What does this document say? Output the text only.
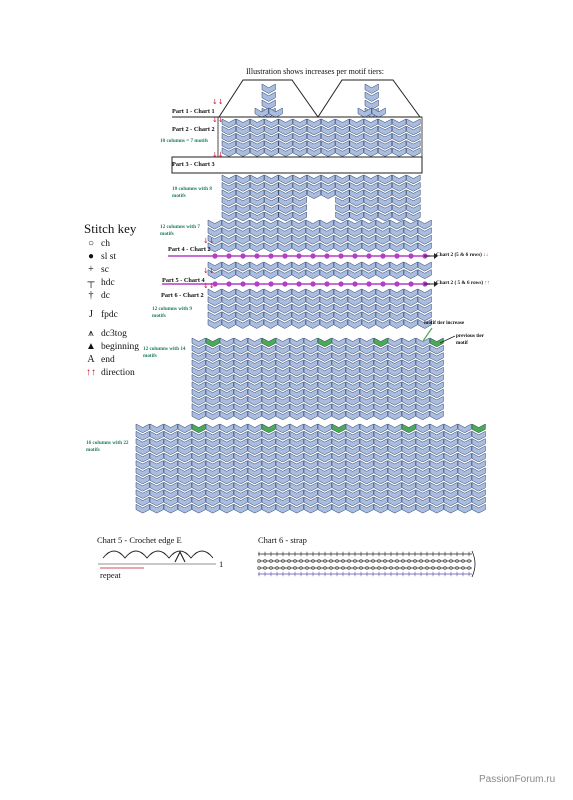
↓↓
↓↓
↓↓
↓↓
↓↓
↓↓
Illustration shows increases per motif tiers:
Part 1 - Chart 1
Part 2 - Chart 2
Part 3 - Chart 3
Part 4 - Chart 2
Part 5 - Chart 4
Part 6 - Chart 2
10 columns = 7 motifs
10 columns with 8 motifs
12 columns with 7 motifs
12 columns with 9 motifs
12 columns with 14 motifs
16 columns with 22 motifs
Chart 2 (5 & 6 rows) ↓↓
Chart 2 ( 5 & 6 rows) ↑↑
motif tier increase
previous tier motif
Stitch key
○ ch
● sl st
+ sc
┬ hdc
† dc
J fpdc
⩚ dc3tog
▲ beginning
A end
↑↑ direction
Chart 5 - Crochet edge E
repeat
1
Chart 6 - strap
PassionForum.ru
